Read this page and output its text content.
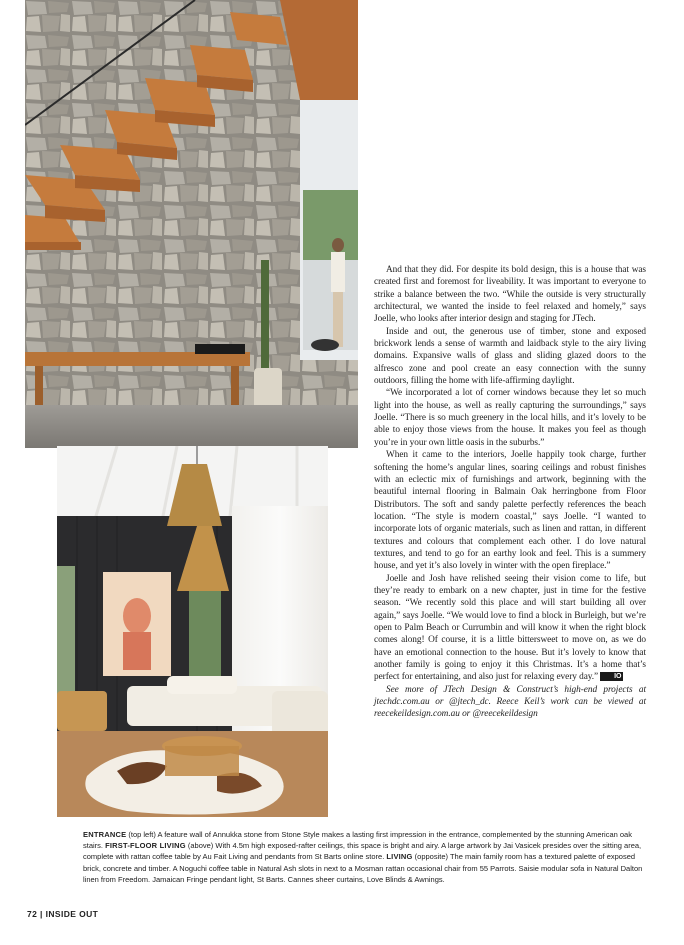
And that they did. For despite its bold design, this is a house that was created first and foremost for liveability. It was important to everyone to strike a balance between the two. “While the outside is very structurally architectural, we wanted the inside to feel relaxed and homely,” says Joelle, who looks after interior design and staging for JTech.

Inside and out, the generous use of timber, stone and exposed brickwork lends a sense of warmth and laidback style to the airy living domains. Expansive walls of glass and sliding glazed doors to the alfresco zone and pool create an easy connection with the sunny outdoors, filling the home with life-affirming daylight.

“We incorporated a lot of corner windows because they let so much light into the house, as well as really capturing the surroundings,” says Joelle. “There is so much greenery in the local hills, and it’s lovely to be able to enjoy those views from the house. It makes you feel as though you’re in your own little oasis in the suburbs.”

When it came to the interiors, Joelle happily took charge, further softening the home’s angular lines, soaring ceilings and robust finishes with an eclectic mix of furnishings and artwork, beginning with the beautiful internal flooring in Balmain Oak herringbone from Floor Distributors. The soft and sandy palette perfectly references the beach location. “The style is modern coastal,” says Joelle. “I wanted to incorporate lots of organic materials, such as linen and rattan, in different textures and colours that complement each other. I do love natural textures, and tend to go for an earthy look and feel. This is a summery house, and yet it’s also lovely in winter with the open fireplace.”

Joelle and Josh have relished seeing their vision come to life, but they’re ready to embark on a new chapter, just in time for the festive season. “We recently sold this place and will start building all over again,” says Joelle. “We would love to find a block in Burleigh, but we’re open to Palm Beach or Currumbin and will know it when the right block comes along! Of course, it is a little bittersweet to move on, as we do have an emotional connection to the house. But it’s lovely to know that another family is going to enjoy it this Christmas. It’s a home that’s perfect for entertaining, and also just for relaxing every day.” IO

See more of JTech Design & Construct’s high-end projects at jtechdc.com.au or @jtech_dc. Reece Keil’s work can be viewed at reecekeildesign.com.au or @reecekeildesign

ENTRANCE (top left) A feature wall of Annukka stone from Stone Style makes a lasting first impression in the entrance, complemented by the stunning American oak stairs. FIRST-FLOOR LIVING (above) With 4.5m high exposed-rafter ceilings, this space is bright and airy. A large artwork by Jai Vasicek presides over the sitting area, complete with rattan coffee table by Au Fait Living and pendants from St Barts online store. LIVING (opposite) The main family room has a textured palette of exposed brick, concrete and timber. A Noguchi coffee table in Natural Ash slots in next to a Mosman rattan occasional chair from 55 Parrots. Saisie modular sofa in Natural Dalton linen from Freedom. Jamaican Fringe pendant light, St Barts. Cannes sheer curtains, Love Blinds & Awnings.
72 | INSIDE OUT
